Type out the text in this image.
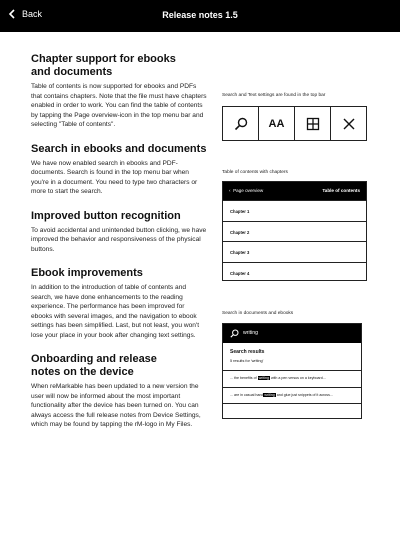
Back	Release notes 1.5
Chapter support for ebooks
and documents

Table of contents is now supported for ebooks and PDFs that contains chapters. Note that the file must have chapters enabled in order to work. You can find the table of contents by tapping the Page overview-icon in the top menu bar and selecting "Table of contents".

Search in ebooks and documents

We have now enabled search in ebooks and PDF-documents. Search is found in the top menu bar when you're in a document. You need to type two characters or more to start the search.

Improved button recognition

To avoid accidental and unintended button clicking, we have improved the behavior and responsiveness of the physical buttons.

Ebook improvements

In addition to the introduction of table of contents and search, we have done enhancements to the reading experience. The performance has been improved for ebooks with several images, and the navigation to ebook settings has been simplified. Last, but not least, you won't lose your place in your book after changing text settings.

Onboarding and release
notes on the device

When reMarkable has been updated to a new version the user will now be informed about the most important functionality after the device has been turned on. You can always access the full release notes from Device Settings, which may be found by tapping the rM-logo in My Files.

Search and Text settings are found in the top bar
AA
Table of contents with chapters
‹  Page overview	Table of contents
Chapter 1
Chapter 2
Chapter 3
Chapter 4
Search in documents and ebooks
writing
Search results
5 results for 'writing'
... the benefits of writing with a pen versus on a keyboard...
... are in casual handwriting and glue just snippets of it across...
